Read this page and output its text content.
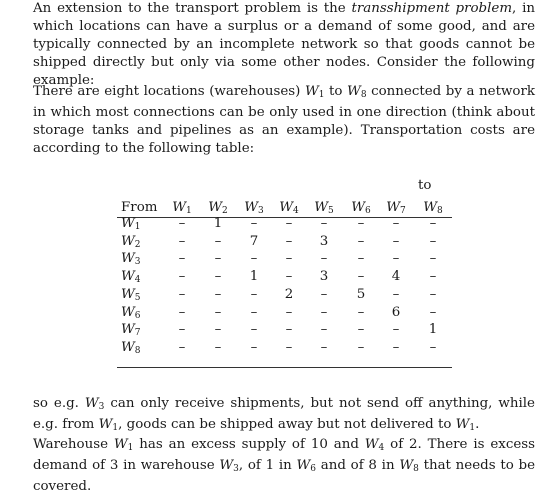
An extension to the transport problem is the transshipment problem, in which locations can have a surplus or a demand of some good, and are typically connected by an incomplete network so that goods cannot be shipped directly but only via some other nodes. Consider the following example:

There are eight locations (warehouses) $W_1$ to $W_8$ connected by a network in which most connections can be only used in one direction (think about storage tanks and pipelines as an example). Transportation costs are according to the following table:

to
From	$W_1$	$W_2$	$W_3$	$W_4$	$W_5$	$W_6$	$W_7$	$W_8$
$W_1$	–	1	–	–	–	–	–	–
$W_2$	–	–	7	–	3	–	–	–
$W_3$	–	–	–	–	–	–	–	–
$W_4$	–	–	1	–	3	–	4	–
$W_5$	–	–	–	2	–	5	–	–
$W_6$	–	–	–	–	–	–	6	–
$W_7$	–	–	–	–	–	–	–	1
$W_8$	–	–	–	–	–	–	–	–

so e.g. $W_3$ can only receive shipments, but not send off anything, while e.g. from $W_1$, goods can be shipped away but not delivered to $W_1$.

Warehouse $W_1$ has an excess supply of 10 and $W_4$ of 2. There is excess demand of 3 in warehouse $W_3$, of 1 in $W_6$ and of 8 in $W_8$ that needs to be covered.
